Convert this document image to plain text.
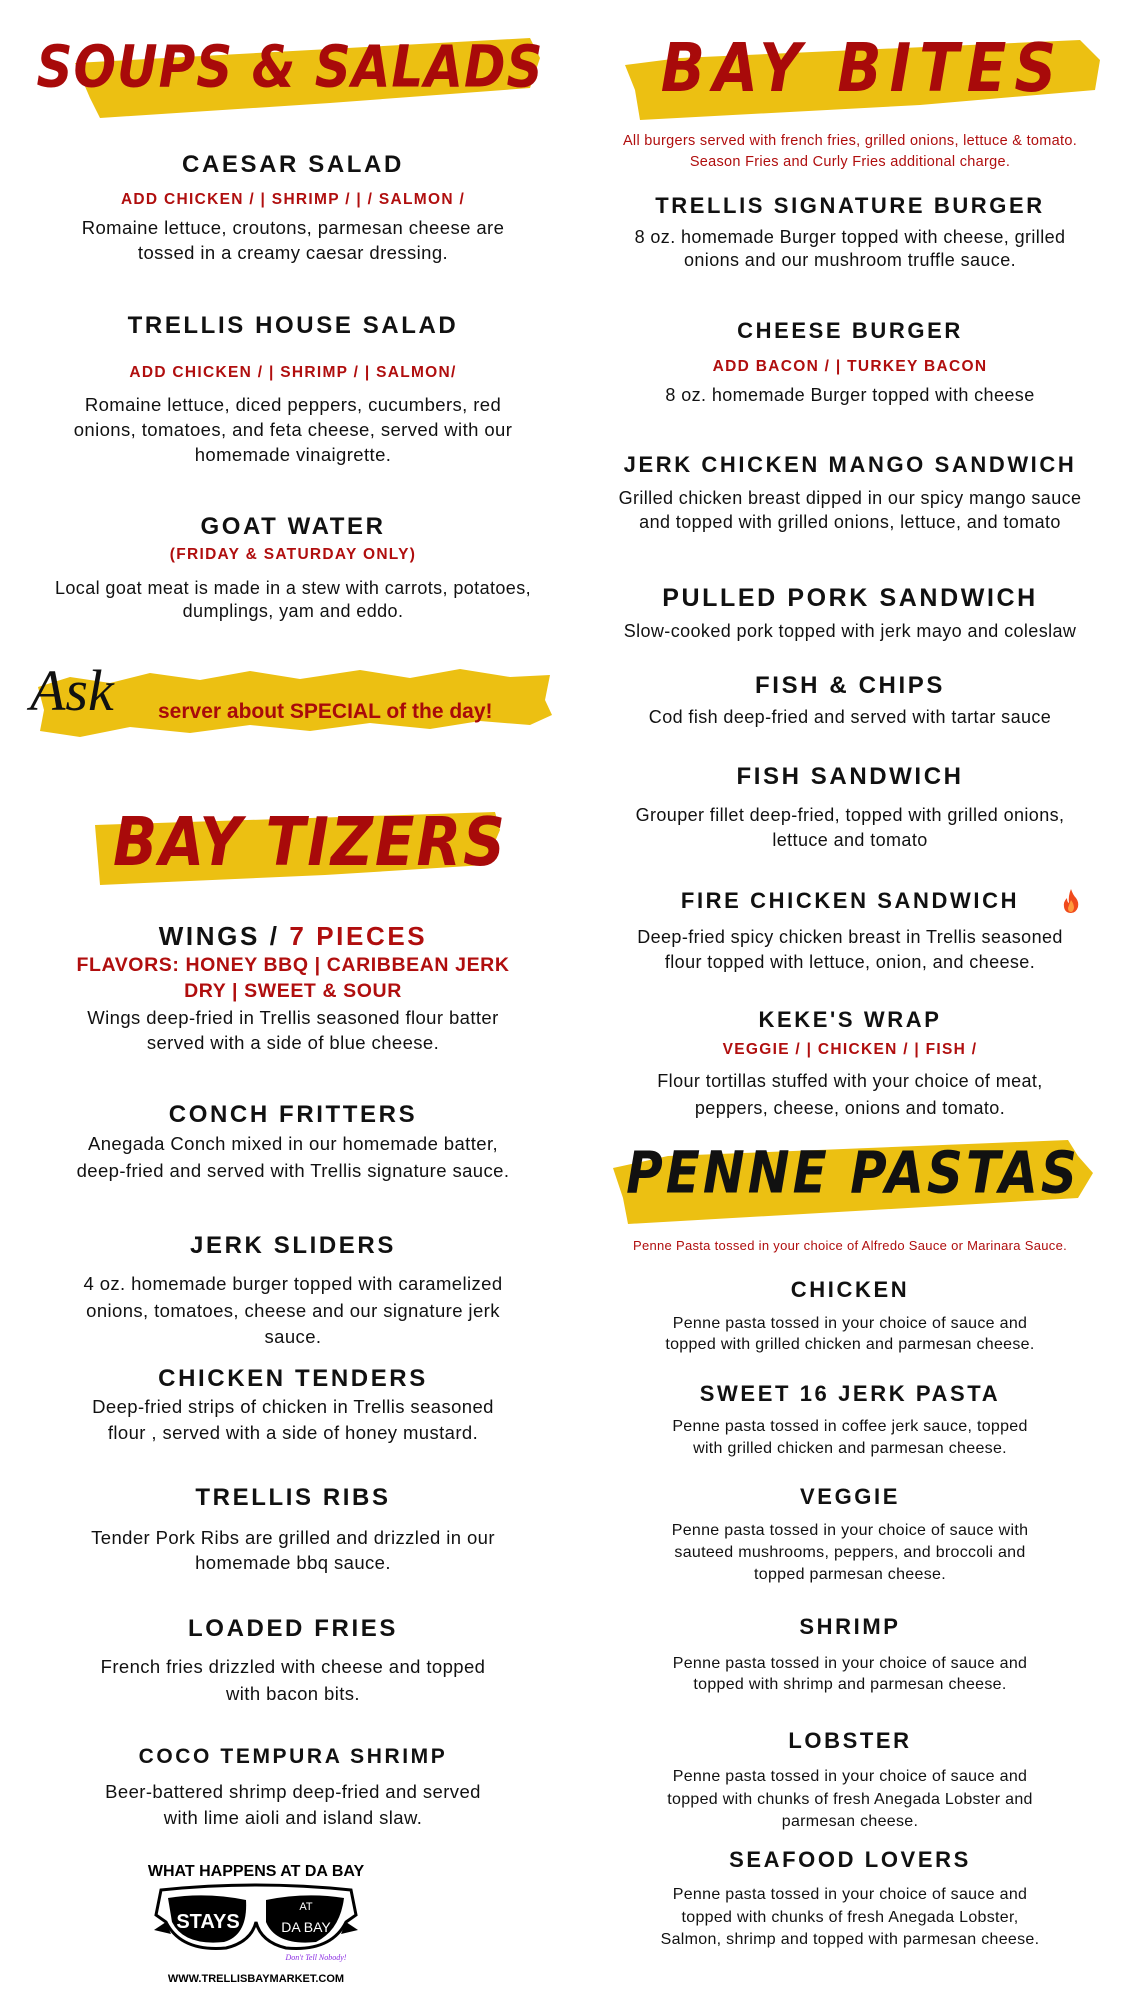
SOUPS & SALADS
CAESAR SALAD
ADD CHICKEN / | SHRIMP / | / SALMON /
Romaine lettuce, croutons, parmesan cheese are
tossed in a creamy caesar dressing.
TRELLIS HOUSE SALAD
ADD CHICKEN / | SHRIMP / | SALMON/
Romaine lettuce, diced peppers, cucumbers, red
onions, tomatoes, and feta cheese, served with our
homemade vinaigrette.
GOAT WATER
(FRIDAY & SATURDAY ONLY)
Local goat meat is made in a stew with carrots, potatoes,
dumplings, yam and eddo.
Ask server about SPECIAL of the day!
BAY TIZERS
WINGS / 7 PIECES
FLAVORS: HONEY BBQ | CARIBBEAN JERK
DRY | SWEET & SOUR
Wings deep-fried in Trellis seasoned flour batter
served with a side of blue cheese.
CONCH FRITTERS
Anegada Conch mixed in our homemade batter,
deep-fried and served with Trellis signature sauce.
JERK SLIDERS
4 oz. homemade burger topped with caramelized
onions, tomatoes, cheese and our signature jerk
sauce.
CHICKEN TENDERS
Deep-fried strips of chicken in Trellis seasoned
flour , served with a side of honey mustard.
TRELLIS RIBS
Tender Pork Ribs are grilled and drizzled in our
homemade bbq sauce.
LOADED FRIES
French fries drizzled with cheese and topped
with bacon bits.
COCO TEMPURA SHRIMP
Beer-battered shrimp deep-fried and served
with lime aioli and island slaw.
WHAT HAPPENS AT DA BAY
STAYS
AT
DA BAY
Don't Tell Nobody!
WWW.TRELLISBAYMARKET.COM
BAY BITES
All burgers served with french fries, grilled onions, lettuce & tomato.
Season Fries and Curly Fries additional charge.
TRELLIS SIGNATURE BURGER
8 oz. homemade Burger topped with cheese, grilled
onions and our mushroom truffle sauce.
CHEESE BURGER
ADD BACON / | TURKEY BACON
8 oz. homemade Burger topped with cheese
JERK CHICKEN MANGO SANDWICH
Grilled chicken breast dipped in our spicy mango sauce
and topped with grilled onions, lettuce, and tomato
PULLED PORK SANDWICH
Slow-cooked pork topped with jerk mayo and coleslaw
FISH & CHIPS
Cod fish deep-fried and served with tartar sauce
FISH SANDWICH
Grouper fillet deep-fried, topped with grilled onions,
lettuce and tomato
FIRE CHICKEN SANDWICH
Deep-fried spicy chicken breast in Trellis seasoned
flour topped with lettuce, onion, and cheese.
KEKE'S WRAP
VEGGIE / | CHICKEN / | FISH /
Flour tortillas stuffed with your choice of meat,
peppers, cheese, onions and tomato.
PENNE PASTAS
Penne Pasta tossed in your choice of Alfredo Sauce or Marinara Sauce.
CHICKEN
Penne pasta tossed in your choice of sauce and
topped with grilled chicken and parmesan cheese.
SWEET 16 JERK PASTA
Penne pasta tossed in coffee jerk sauce, topped
with grilled chicken and parmesan cheese.
VEGGIE
Penne pasta tossed in your choice of sauce with
sauteed mushrooms, peppers, and broccoli and
topped parmesan cheese.
SHRIMP
Penne pasta tossed in your choice of sauce and
topped with shrimp and parmesan cheese.
LOBSTER
Penne pasta tossed in your choice of sauce and
topped with chunks of fresh Anegada Lobster and
parmesan cheese.
SEAFOOD LOVERS
Penne pasta tossed in your choice of sauce and
topped with chunks of fresh Anegada Lobster,
Salmon, shrimp and topped with parmesan cheese.
